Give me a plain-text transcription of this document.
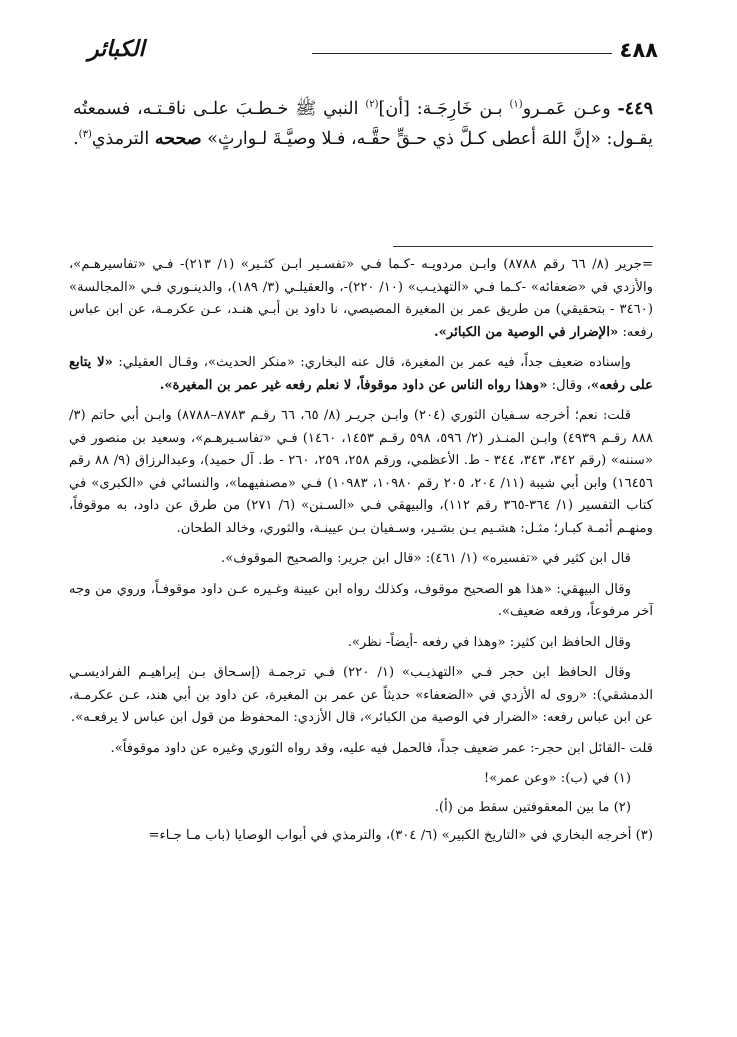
٤٨٨
الكبائر
٤٤٩- وعـن عَمـرو$^{(١)}$ بـن خَارِجَـة: [أن]$^{(٢)}$ النبي ﷺ خـطـبَ علـى ناقـتـه، فسمعتُه يقـول: «إنَّ اللهَ أعطى كـلَّ ذي حـقٍّ حقَّـه، فـلا وصيَّـةَ لـوارثٍ» صححه الترمذي$^{(٣)}$.

=جرير (٨/ ٦٦ رقم ٨٧٨٨) وابـن مردويـه -كـما فـي «تفسـير ابـن كثـير» (١/ ٢١٣)- فـي «تفاسيرهـم»، والأزدي في «ضعفائه» -كـما فـي «التهذيـب» (١٠/ ٢٢٠)-، والعقيلـي (٣/ ١٨٩)، والدينـوري فـي «المجالسة» (٣٤٦٠ - بتحقيقي) من طريق عمر بن المغيرة المصيصي، نا داود بن أبـي هنـد، عـن عكرمـة، عن ابن عباس رفعه: «الإضرار في الوصية من الكبائر».

وإسناده ضعيف جداً، فيه عمر بن المغيرة، قال عنه البخاري: «منكر الحديث»، وقـال العقيلي: «لا يتابع على رفعه»، وقال: «وهذا رواه الناس عن داود موقوفاً، لا نعلم رفعه غير عمر بن المغيرة».

قلت: نعم؛ أخرجه سـفيان الثوري (٢٠٤) وابـن جريـر (٨/ ٦٥، ٦٦ رقـم ٨٧٨٣–٨٧٨٨) وابـن أبي حاتم (٣/ ٨٨٨ رقـم ٤٩٣٩) وابـن المنـذر (٢/ ٥٩٦، ٥٩٨ رقـم ١٤٥٣، ١٤٦٠) فـي «تفاسـيرهـم»، وسعيد بن منصور في «سننه» (رقم ٣٤٢، ٣٤٣، ٣٤٤ - ط. الأعظمي، ورقم ٢٥٨، ٢٥٩، ٢٦٠ - ط. آل حميد)، وعبدالرزاق (٩/ ٨٨ رقم ١٦٤٥٦) وابن أبي شيبة (١١/ ٢٠٤، ٢٠٥ رقم ١٠٩٨٠، ١٠٩٨٣) فـي «مصنفيهما»، والنسائي في «الكبرى» في كتاب التفسير (١/ ٣٦٤-٣٦٥ رقم ١١٢)، والبيهقي فـي «السـنن» (٦/ ٢٧١) من طرق عن داود، به موقوفاً، ومنهـم أئمـة كبـار؛ مثـل: هشـيم بـن بشـير، وسـفيان بـن عيينـة، والثوري، وخالد الطحان.

قال ابن كثير في «تفسيره» (١/ ٤٦١): «قال ابن جرير: والصحيح الموقوف».

وقال البيهقي: «هذا هو الصحيح موقوف، وكذلك رواه ابن عيينة وغـيره عـن داود موقوفـاً، وروي من وجه آخر مرفوعاً، ورفعه ضعيف».

وقال الحافظ ابن كثير: «وهذا في رفعه -أيضاً- نظر».

وقال الحافظ ابن حجر فـي «التهذيـب» (١/ ٢٢٠) فـي ترجمـة (إسـحاق بـن إبراهيـم الفراديسـي الدمشقي): «روى له الأزدي في «الضعفاء» حديثاً عن عمر بن المغيرة، عن داود بن أبي هند، عـن عكرمـة، عن ابن عباس رفعه: «الضرار في الوصية من الكبائر»، قال الأزدي: المحفوظ من قول ابن عباس لا يرفعـه».

قلت -القائل ابن حجر-: عمر ضعيف جداً، فالحمل فيه عليه، وقد رواه الثوري وغيره عن داود موقوفاً».

(١) في (ب): «وعن عمر»!

(٢) ما بين المعقوفتين سقط من (أ).

(٣) أخرجه البخاري في «التاريخ الكبير» (٦/ ٣٠٤)، والترمذي في أبواب الوصايا (باب مـا جـاء=
